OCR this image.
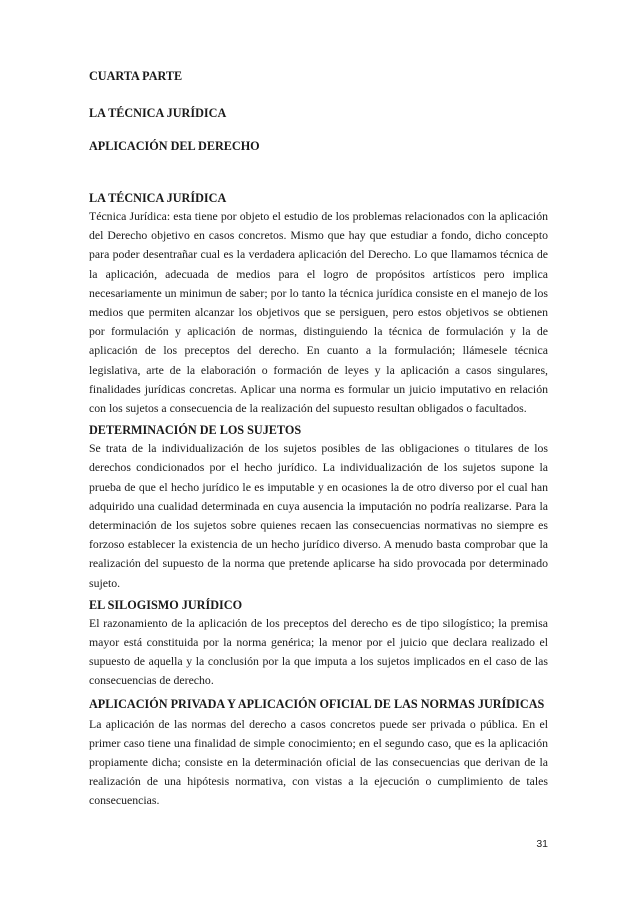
CUARTA PARTE
LA TÉCNICA JURÍDICA
APLICACIÓN DEL DERECHO
LA TÉCNICA JURÍDICA

Técnica Jurídica: esta tiene por objeto el estudio de los problemas relacionados con la aplicación del Derecho objetivo en casos concretos. Mismo que hay que estudiar a fondo, dicho concepto para poder desentrañar cual es la verdadera aplicación del Derecho. Lo que llamamos técnica de la aplicación, adecuada de medios para el logro de propósitos artísticos pero implica necesariamente un minimun de saber; por lo tanto la técnica jurídica consiste en el manejo de los medios que permiten alcanzar los objetivos que se persiguen, pero estos objetivos se obtienen por formulación y aplicación de normas, distinguiendo la técnica de formulación y la de aplicación de los preceptos del derecho. En cuanto a la formulación; llámesele técnica legislativa, arte de la elaboración o formación de leyes y la aplicación a casos singulares, finalidades jurídicas concretas. Aplicar una norma es formular un juicio imputativo en relación con los sujetos a consecuencia de la realización del supuesto resultan obligados o facultados.

DETERMINACIÓN DE LOS SUJETOS

Se trata de la individualización de los sujetos posibles de las obligaciones o titulares de los derechos condicionados por el hecho jurídico. La individualización de los sujetos supone la prueba de que el hecho jurídico le es imputable y en ocasiones la de otro diverso por el cual han adquirido una cualidad determinada en cuya ausencia la imputación no podría realizarse. Para la determinación de los sujetos sobre quienes recaen las consecuencias normativas no siempre es forzoso establecer la existencia de un hecho jurídico diverso. A menudo basta comprobar que la realización del supuesto de la norma que pretende aplicarse ha sido provocada por determinado sujeto.

EL SILOGISMO JURÍDICO

El razonamiento de la aplicación de los preceptos del derecho es de tipo silogístico; la premisa mayor está constituida por la norma genérica; la menor por el juicio que declara realizado el supuesto de aquella y la conclusión por la que imputa a los sujetos implicados en el caso de las consecuencias de derecho.

APLICACIÓN PRIVADA Y APLICACIÓN OFICIAL DE LAS NORMAS JURÍDICAS

La aplicación de las normas del derecho a casos concretos puede ser privada o pública. En el primer caso tiene una finalidad de simple conocimiento; en el segundo caso, que es la aplicación propiamente dicha; consiste en la determinación oficial de las consecuencias que derivan de la realización de una hipótesis normativa, con vistas a la ejecución o cumplimiento de tales consecuencias.

31
